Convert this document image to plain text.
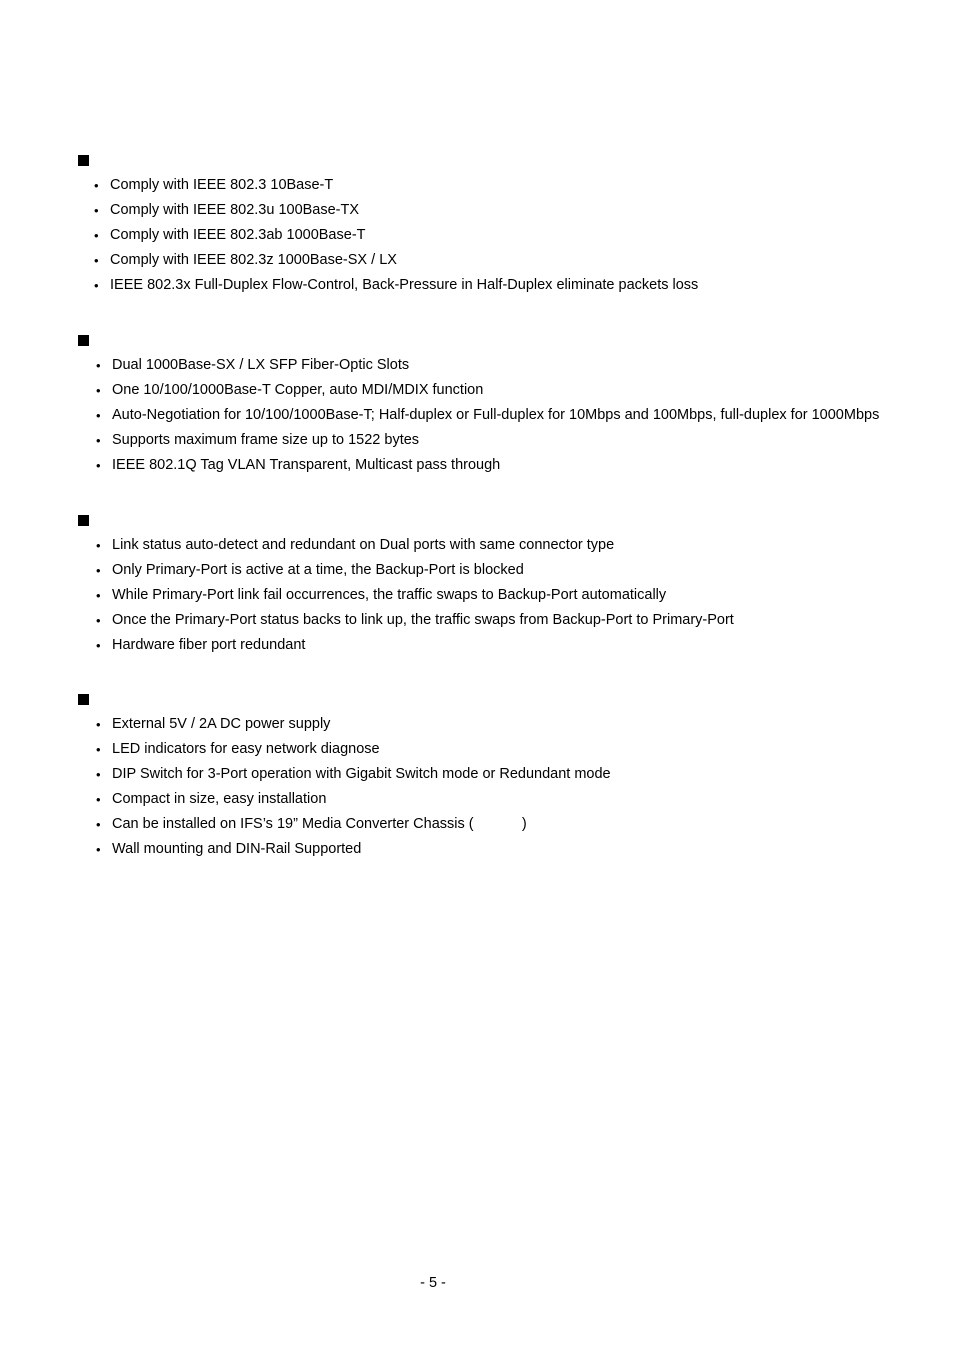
• Comply with IEEE 802.3 10Base-T
• Comply with IEEE 802.3u 100Base-TX
• Comply with IEEE 802.3ab 1000Base-T
• Comply with IEEE 802.3z 1000Base-SX / LX
• IEEE 802.3x Full-Duplex Flow-Control, Back-Pressure in Half-Duplex eliminate packets loss
• Dual 1000Base-SX / LX SFP Fiber-Optic Slots
• One 10/100/1000Base-T Copper, auto MDI/MDIX function
• Auto-Negotiation for 10/100/1000Base-T; Half-duplex or Full-duplex for 10Mbps and 100Mbps, full-duplex for 1000Mbps
• Supports maximum frame size up to 1522 bytes
• IEEE 802.1Q Tag VLAN Transparent, Multicast pass through
• Link status auto-detect and redundant on Dual ports with same connector type
• Only Primary-Port is active at a time, the Backup-Port is blocked
• While Primary-Port link fail occurrences, the traffic swaps to Backup-Port automatically
• Once the Primary-Port status backs to link up, the traffic swaps from Backup-Port to Primary-Port
• Hardware fiber port redundant
• External 5V / 2A DC power supply
• LED indicators for easy network diagnose
• DIP Switch for 3-Port operation with Gigabit Switch mode or Redundant mode
• Compact in size, easy installation
• Can be installed on IFS’s 19” Media Converter Chassis (            )
• Wall mounting and DIN-Rail Supported
- 5 -
